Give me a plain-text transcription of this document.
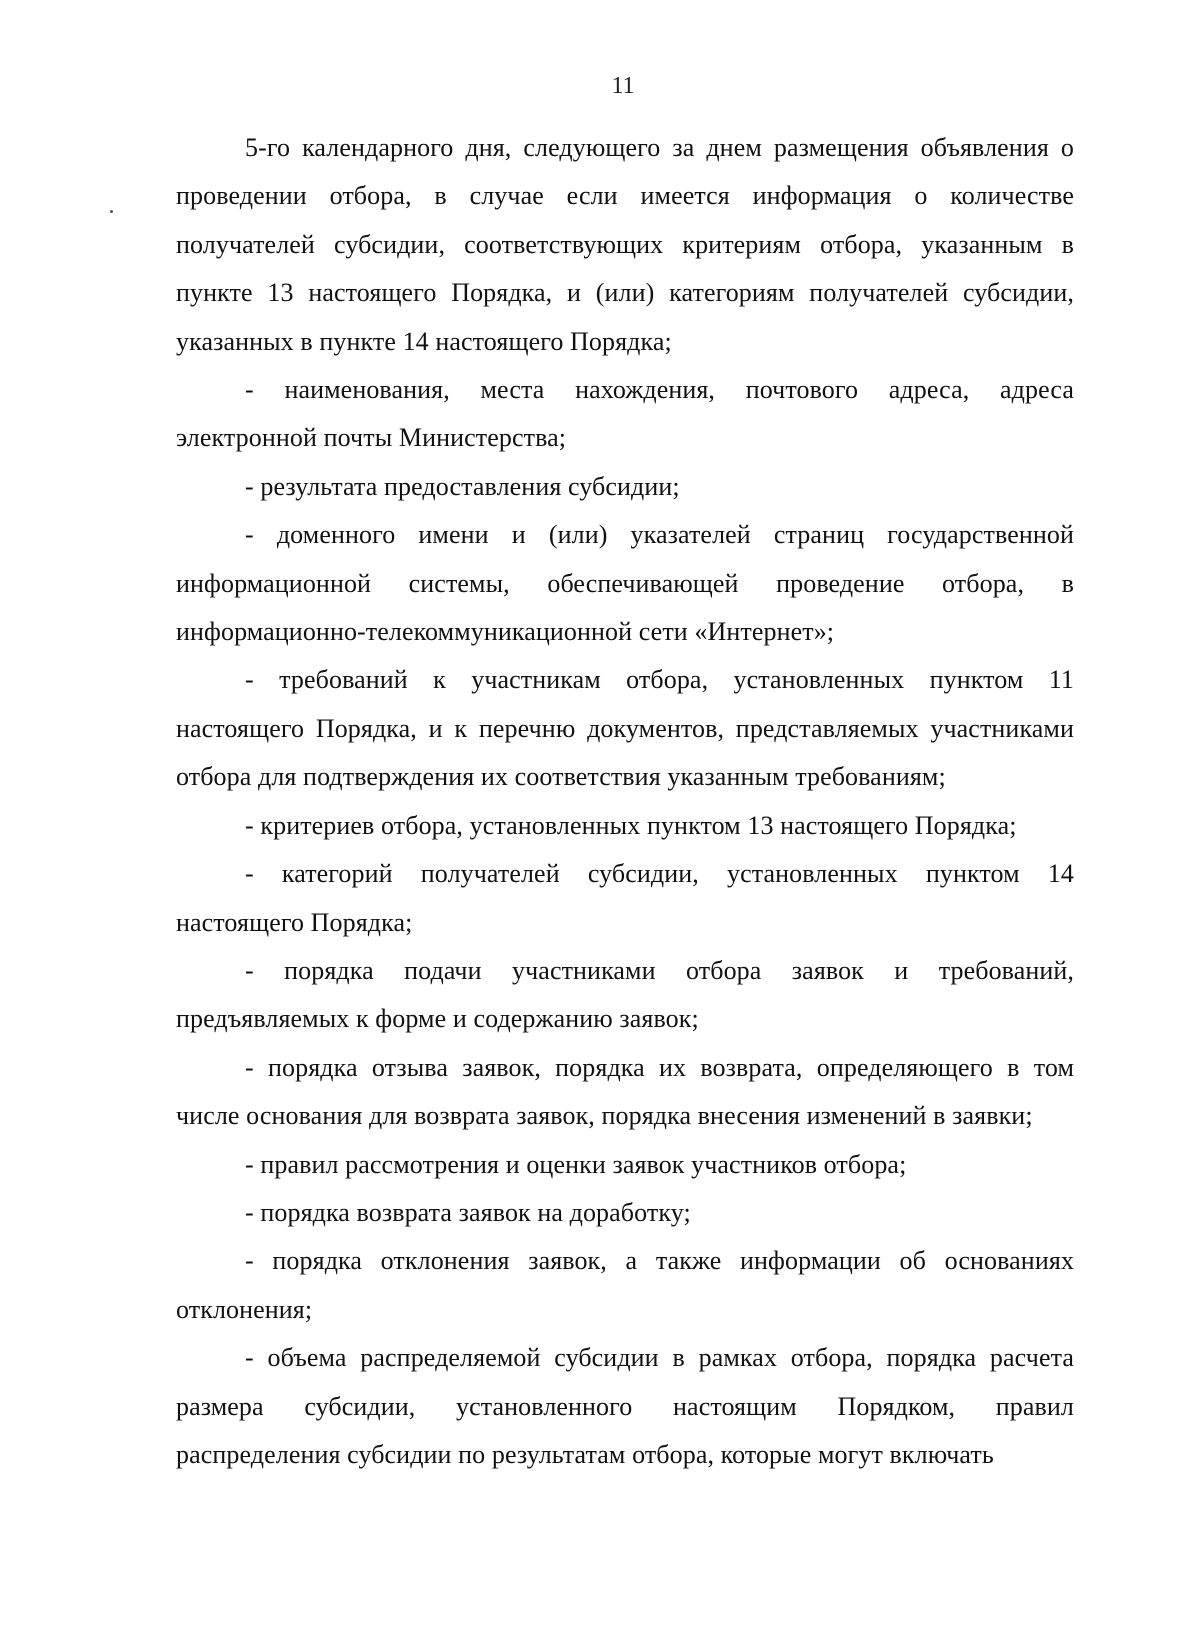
11

5-го календарного дня, следующего за днем размещения объявления о проведении отбора, в случае если имеется информация о количестве получателей субсидии, соответствующих критериям отбора, указанным в пункте 13 настоящего Порядка, и (или) категориям получателей субсидии, указанных в пункте 14 настоящего Порядка;

- наименования, места нахождения, почтового адреса, адреса электронной почты Министерства;

- результата предоставления субсидии;

- доменного имени и (или) указателей страниц государственной информационной системы, обеспечивающей проведение отбора, в информационно-телекоммуникационной сети «Интернет»;

- требований к участникам отбора, установленных пунктом 11 настоящего Порядка, и к перечню документов, представляемых участниками отбора для подтверждения их соответствия указанным требованиям;

- критериев отбора, установленных пунктом 13 настоящего Порядка;

- категорий получателей субсидии, установленных пунктом 14 настоящего Порядка;

- порядка подачи участниками отбора заявок и требований, предъявляемых к форме и содержанию заявок;

- порядка отзыва заявок, порядка их возврата, определяющего в том числе основания для возврата заявок, порядка внесения изменений в заявки;

- правил рассмотрения и оценки заявок участников отбора;

- порядка возврата заявок на доработку;

- порядка отклонения заявок, а также информации об основаниях отклонения;

- объема распределяемой субсидии в рамках отбора, порядка расчета размера субсидии, установленного настоящим Порядком, правил распределения субсидии по результатам отбора, которые могут включать
